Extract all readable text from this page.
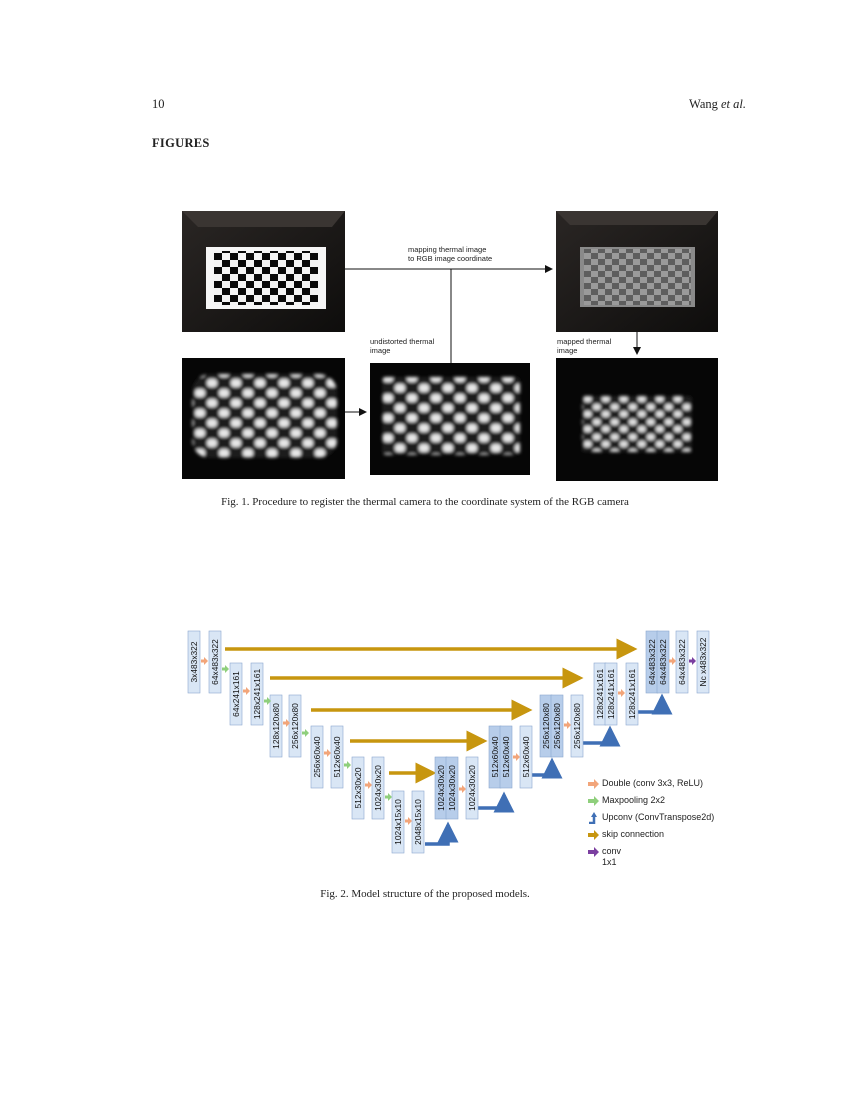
10	Wang et al.
FIGURES
mapping thermal image
to RGB image coordinate
undistorted thermal
image
mapped thermal
image
Fig. 1. Procedure to register the thermal camera to the coordinate system of the RGB camera
3x483x322 64x483x322
64x241x161 128x241x161
128x120x80 256x120x80
256x60x40 512x60x40
512x30x20 1024x30x20
1024x15x10 2048x15x10
1024x30x20 1024x30x20 1024x30x20
512x60x40 512x60x40 512x60x40
256x120x80 256x120x80 256x120x80
128x241x161 128x241x161 128x241x161
64x483x322 64x483x322 64x483x322 Nc x483x322
Double (conv 3x3, ReLU)
Maxpooling 2x2
Upconv (ConvTranspose2d)
skip connection
conv
1x1
Fig. 2. Model structure of the proposed models.
